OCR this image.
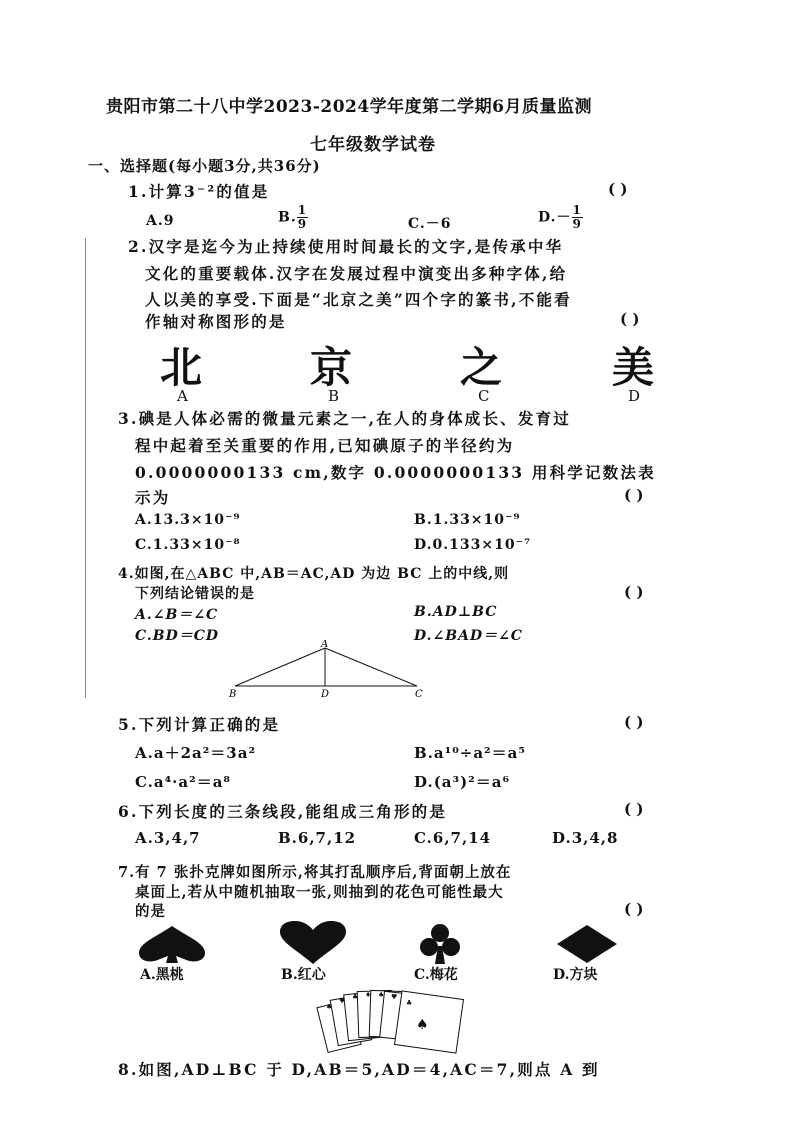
贵阳市第二十八中学2023-2024学年度第二学期6月质量监测
七年级数学试卷
一、选择题(每小题3分,共36分)
1.计算3⁻²的值是	( )
A.9	B. $\frac{1}{9}$	C.－6	$D.- \frac{1}{9}$
2.汉字是迄今为止持续使用时间最长的文字,是传承中华
文化的重要载体.汉字在发展过程中演变出多种字体,给
人以美的享受.下面是“北京之美”四个字的篆书,不能看
作轴对称图形的是	( )
北	京	之	美
A	B	C	D
3.碘是人体必需的微量元素之一,在人的身体成长、发育过
程中起着至关重要的作用,已知碘原子的半径约为
0.0000000133 cm,数字 0.0000000133 用科学记数法表
示为	( )
A.13.3×10⁻⁹	B.1.33×10⁻⁹
C.1.33×10⁻⁸	D.0.133×10⁻⁷
4.如图,在△ABC 中,AB＝AC,AD 为边 BC 上的中线,则
下列结论错误的是	( )
A.∠B＝∠C	B.AD⊥BC
C.BD＝CD	D.∠BAD＝∠C
A
B	D	C
5.下列计算正确的是	( )
A.a＋2a²＝3a²	B.a¹⁰÷a²＝a⁵
C.a⁴·a²＝a⁸	D.(a³)²＝a⁶
6.下列长度的三条线段,能组成三角形的是	( )
A.3,4,7	B.6,7,12	C.6,7,14	D.3,4,8
7.有 7 张扑克牌如图所示,将其打乱顺序后,背面朝上放在
桌面上,若从中随机抽取一张,则抽到的花色可能性最大
的是	( )
A.黑桃	B.红心	C.梅花	D.方块
♠
♥ ♣ ♦ ♠ ♥
♣
♠
8.如图,AD⊥BC 于 D,AB＝5,AD＝4,AC＝7,则点 A 到
